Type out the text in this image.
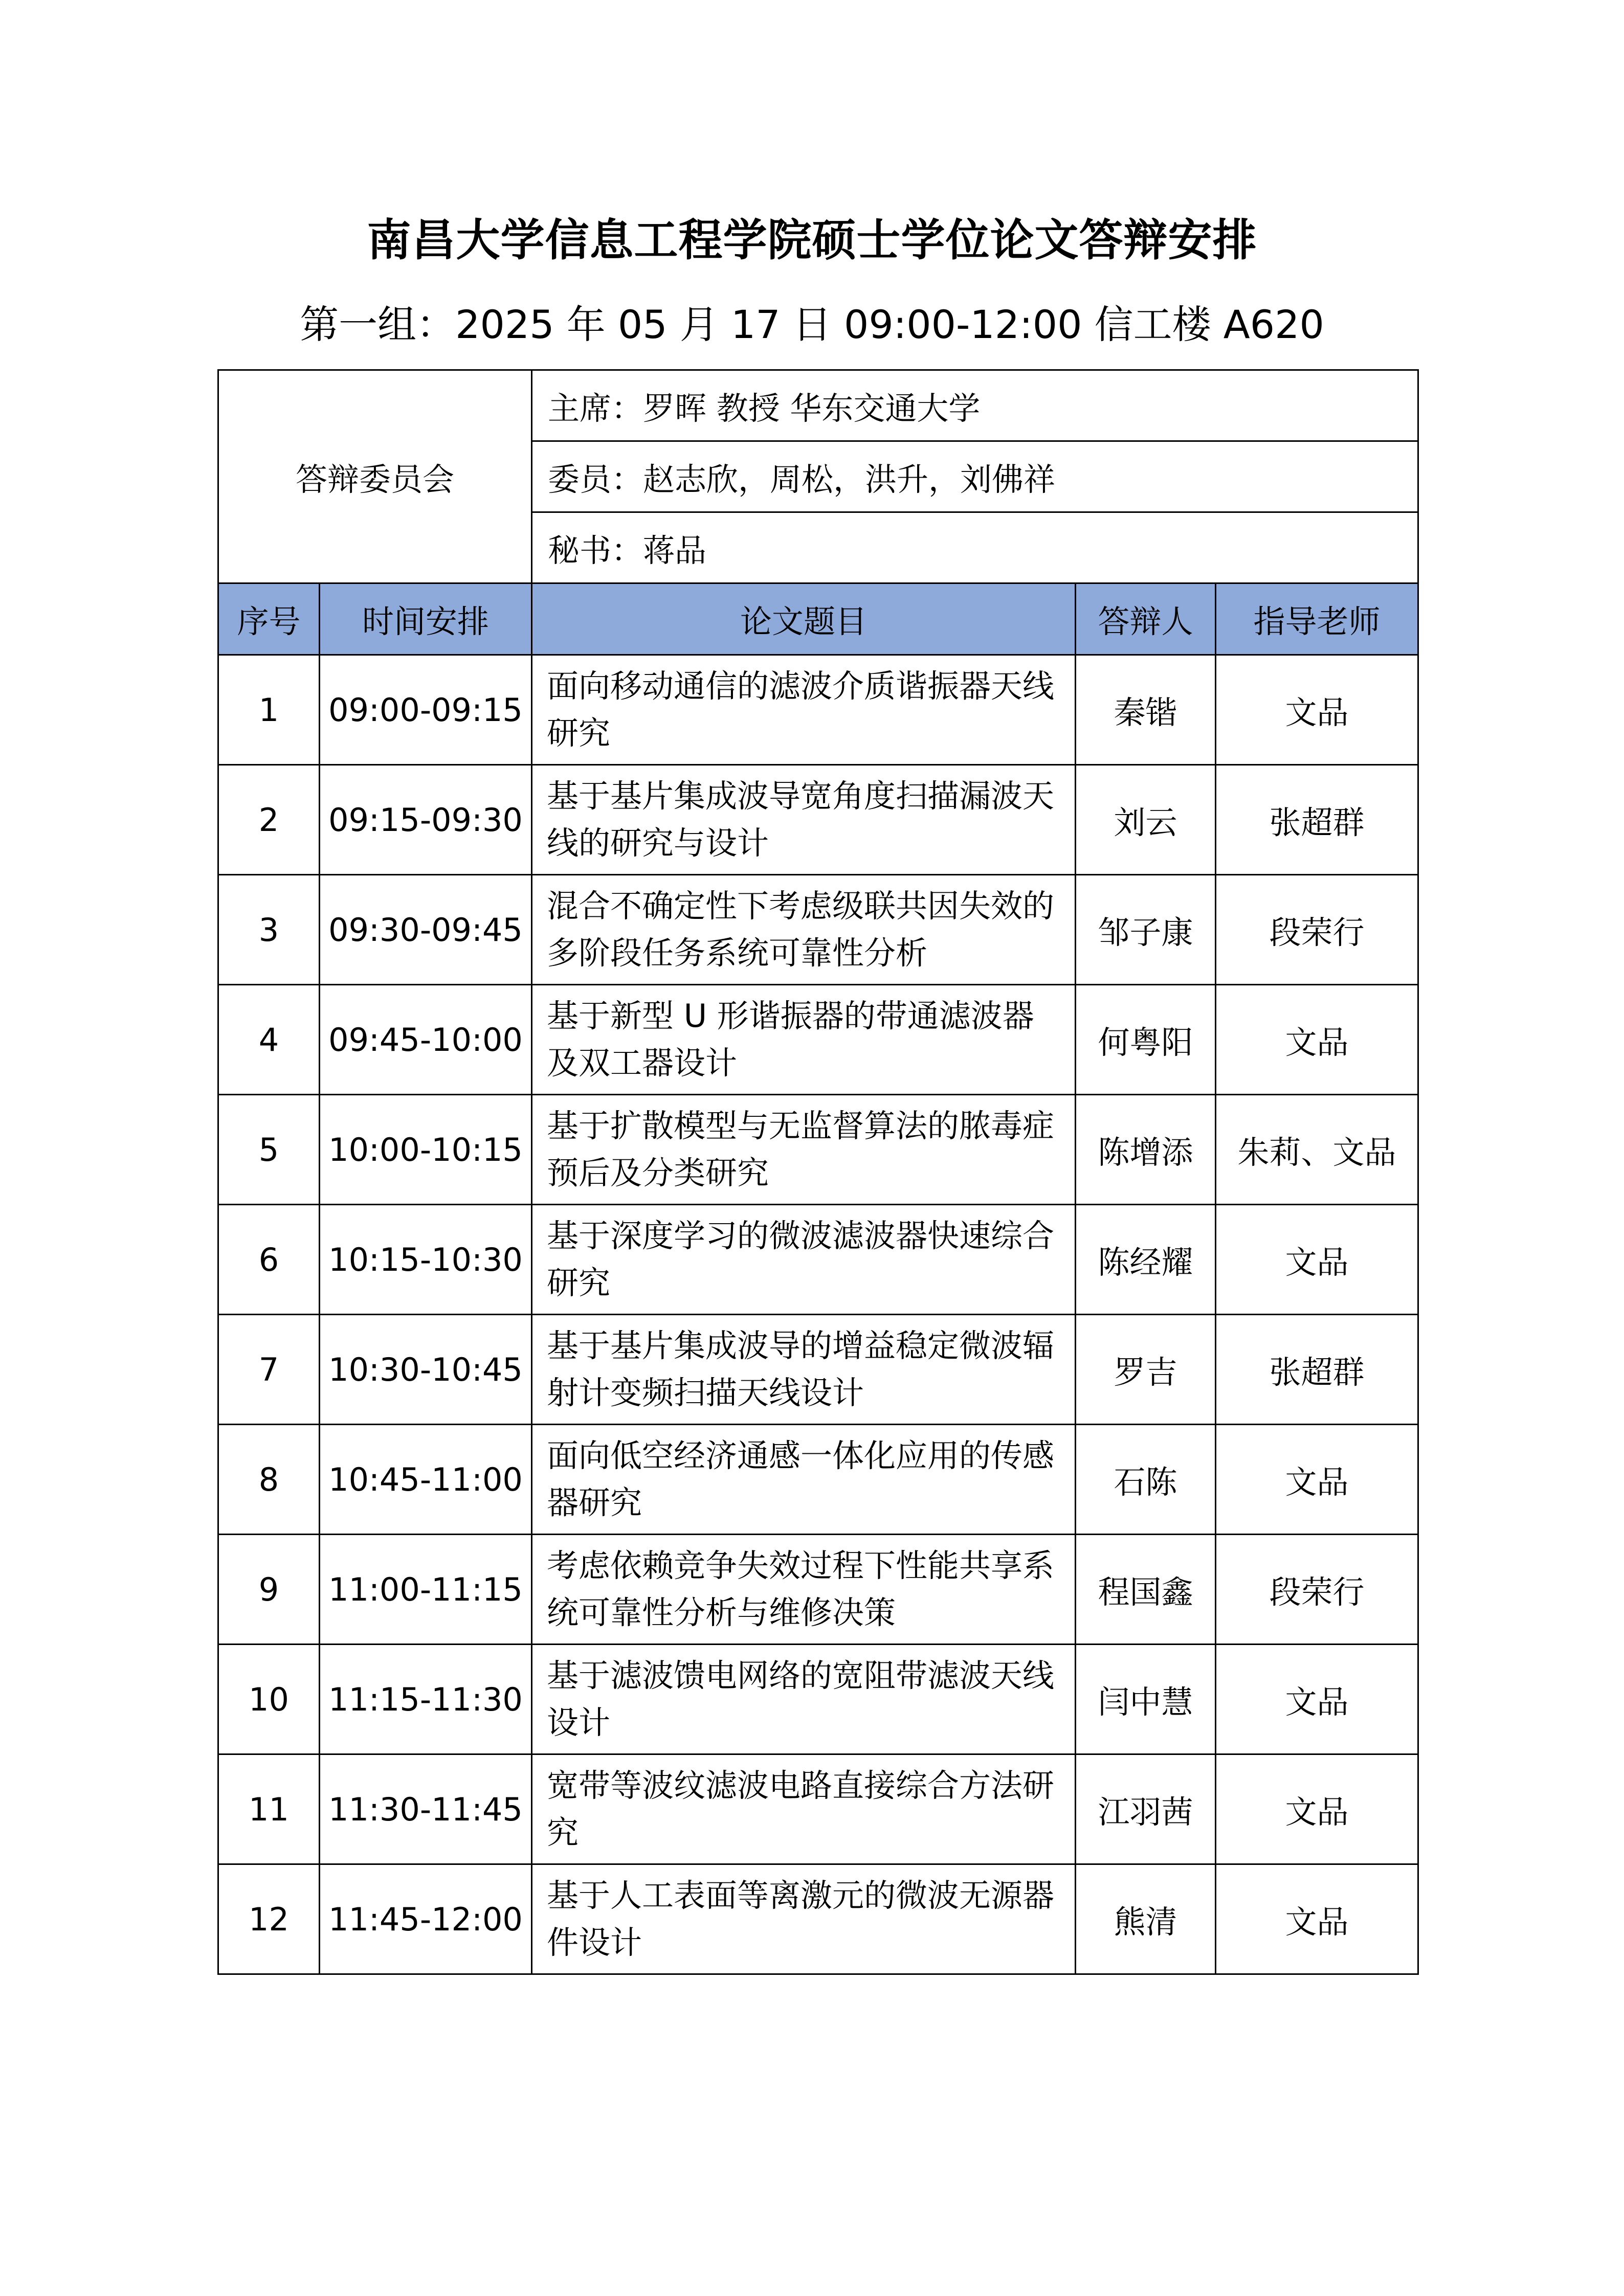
南昌大学信息工程学院硕士学位论文答辩安排
第一组：2025 年 05 月 17 日 09:00-12:00 信工楼 A620
答辩委员会		主席：罗晖 教授 华东交通大学		
		委员：赵志欣，周松，洪升，刘佛祥		
		秘书：蒋品		
序号	时间安排	论文题目	答辩人	指导老师
1	09:00-09:15	面向移动通信的滤波介质谐振器天线研究	秦锴	文品
2	09:15-09:30	基于基片集成波导宽角度扫描漏波天线的研究与设计	刘云	张超群
3	09:30-09:45	混合不确定性下考虑级联共因失效的多阶段任务系统可靠性分析	邹子康	段荣行
4	09:45-10:00	基于新型 U 形谐振器的带通滤波器及双工器设计	何粤阳	文品
5	10:00-10:15	基于扩散模型与无监督算法的脓毒症预后及分类研究	陈增添	朱莉、文品
6	10:15-10:30	基于深度学习的微波滤波器快速综合研究	陈经耀	文品
7	10:30-10:45	基于基片集成波导的增益稳定微波辐射计变频扫描天线设计	罗吉	张超群
8	10:45-11:00	面向低空经济通感一体化应用的传感器研究	石陈	文品
9	11:00-11:15	考虑依赖竞争失效过程下性能共享系统可靠性分析与维修决策	程国鑫	段荣行
10	11:15-11:30	基于滤波馈电网络的宽阻带滤波天线设计	闫中慧	文品
11	11:30-11:45	宽带等波纹滤波电路直接综合方法研究	江羽茜	文品
12	11:45-12:00	基于人工表面等离激元的微波无源器件设计	熊清	文品
